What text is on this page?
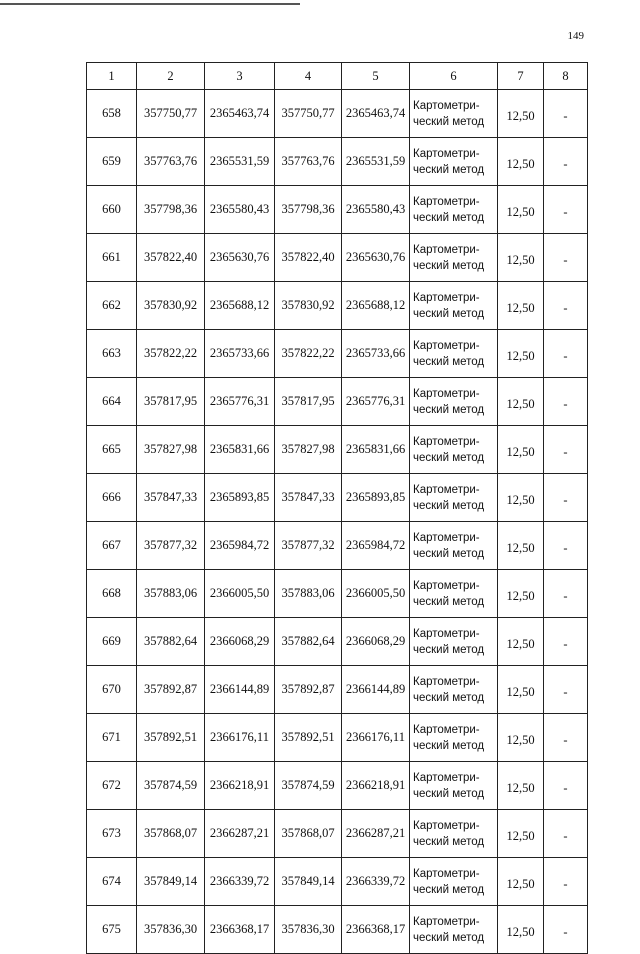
149
1	2	3	4	5	6	7	8
658	357750,77	2365463,74	357750,77	2365463,74	Картометри-ческий метод	12,50	-
659	357763,76	2365531,59	357763,76	2365531,59	Картометри-ческий метод	12,50	-
660	357798,36	2365580,43	357798,36	2365580,43	Картометри-ческий метод	12,50	-
661	357822,40	2365630,76	357822,40	2365630,76	Картометри-ческий метод	12,50	-
662	357830,92	2365688,12	357830,92	2365688,12	Картометри-ческий метод	12,50	-
663	357822,22	2365733,66	357822,22	2365733,66	Картометри-ческий метод	12,50	-
664	357817,95	2365776,31	357817,95	2365776,31	Картометри-ческий метод	12,50	-
665	357827,98	2365831,66	357827,98	2365831,66	Картометри-ческий метод	12,50	-
666	357847,33	2365893,85	357847,33	2365893,85	Картометри-ческий метод	12,50	-
667	357877,32	2365984,72	357877,32	2365984,72	Картометри-ческий метод	12,50	-
668	357883,06	2366005,50	357883,06	2366005,50	Картометри-ческий метод	12,50	-
669	357882,64	2366068,29	357882,64	2366068,29	Картометри-ческий метод	12,50	-
670	357892,87	2366144,89	357892,87	2366144,89	Картометри-ческий метод	12,50	-
671	357892,51	2366176,11	357892,51	2366176,11	Картометри-ческий метод	12,50	-
672	357874,59	2366218,91	357874,59	2366218,91	Картометри-ческий метод	12,50	-
673	357868,07	2366287,21	357868,07	2366287,21	Картометри-ческий метод	12,50	-
674	357849,14	2366339,72	357849,14	2366339,72	Картометри-ческий метод	12,50	-
675	357836,30	2366368,17	357836,30	2366368,17	Картометри-ческий метод	12,50	-
